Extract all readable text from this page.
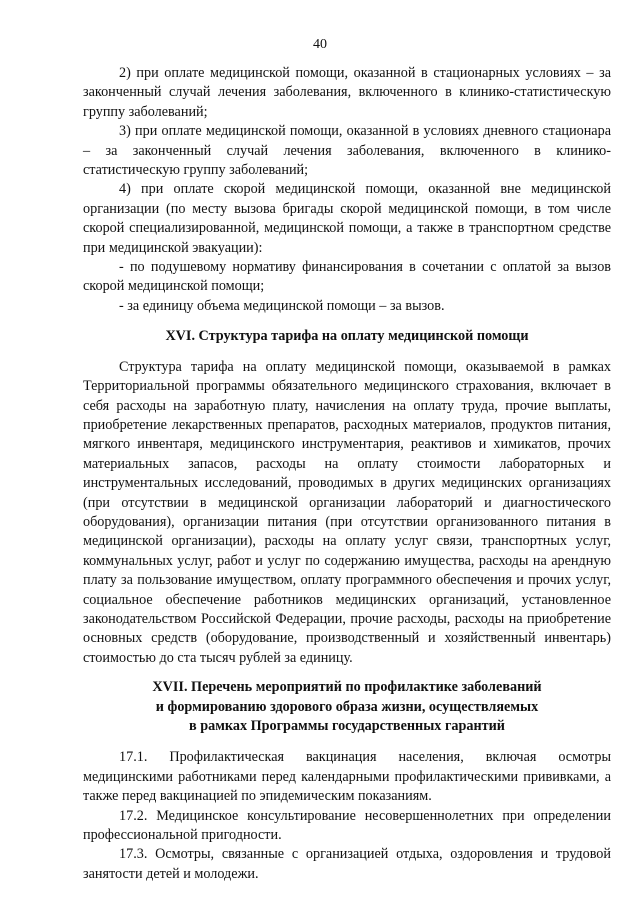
40

2) при оплате медицинской помощи, оказанной в стационарных условиях – за законченный случай лечения заболевания, включенного в клинико-статистическую группу заболеваний;

3) при оплате медицинской помощи, оказанной в условиях дневного стационара – за законченный случай лечения заболевания, включенного в клинико-статистическую группу заболеваний;

4) при оплате скорой медицинской помощи, оказанной вне медицинской организации (по месту вызова бригады скорой медицинской помощи, в том числе скорой специализированной, медицинской помощи, а также в транспортном средстве при медицинской эвакуации):

- по подушевому нормативу финансирования в сочетании с оплатой за вызов скорой медицинской помощи;

- за единицу объема медицинской помощи – за вызов.

XVI. Структура тарифа на оплату медицинской помощи

Структура тарифа на оплату медицинской помощи, оказываемой в рамках Территориальной программы обязательного медицинского страхования, включает в себя расходы на заработную плату, начисления на оплату труда, прочие выплаты, приобретение лекарственных препаратов, расходных материалов, продуктов питания, мягкого инвентаря, медицинского инструментария, реактивов и химикатов, прочих материальных запасов, расходы на оплату стоимости лабораторных и инструментальных исследований, проводимых в других медицинских организациях (при отсутствии в медицинской организации лабораторий и диагностического оборудования), организации питания (при отсутствии организованного питания в медицинской организации), расходы на оплату услуг связи, транспортных услуг, коммунальных услуг, работ и услуг по содержанию имущества, расходы на арендную плату за пользование имуществом, оплату программного обеспечения и прочих услуг, социальное обеспечение работников медицинских организаций, установленное законодательством Российской Федерации, прочие расходы, расходы на приобретение основных средств (оборудование, производственный и хозяйственный инвентарь) стоимостью до ста тысяч рублей за единицу.

XVII. Перечень мероприятий по профилактике заболеваний

и формированию здорового образа жизни, осуществляемых

в рамках Программы государственных гарантий

17.1. Профилактическая вакцинация населения, включая осмотры медицинскими работниками перед календарными профилактическими прививками, а также перед вакцинацией по эпидемическим показаниям.

17.2. Медицинское консультирование несовершеннолетних при определении профессиональной пригодности.

17.3. Осмотры, связанные с организацией отдыха, оздоровления и трудовой занятости детей и молодежи.
